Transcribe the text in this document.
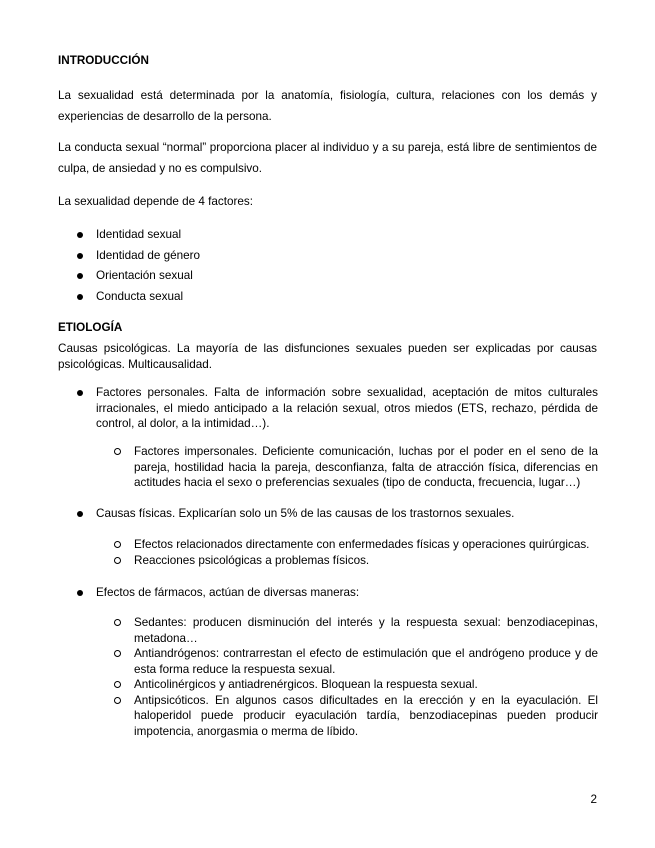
INTRODUCCIÓN
La sexualidad está determinada por la anatomía, fisiología, cultura, relaciones con los demás y experiencias de desarrollo de la persona.
La conducta sexual “normal” proporciona placer al individuo y a su pareja, está libre de sentimientos de culpa, de ansiedad y no es compulsivo.
La sexualidad depende de 4 factores:
Identidad sexual
Identidad de género
Orientación sexual
Conducta sexual
ETIOLOGÍA
Causas psicológicas. La mayoría de las disfunciones sexuales pueden ser explicadas por causas psicológicas. Multicausalidad.
Factores personales. Falta de información sobre sexualidad, aceptación de mitos culturales irracionales, el miedo anticipado a la relación sexual, otros miedos (ETS, rechazo, pérdida de control, al dolor, a la intimidad…).
Factores impersonales. Deficiente comunicación, luchas por el poder en el seno de la pareja, hostilidad hacia la pareja, desconfianza, falta de atracción física, diferencias en actitudes hacia el sexo o preferencias sexuales (tipo de conducta, frecuencia, lugar…)
Causas físicas. Explicarían solo un 5% de las causas de los trastornos sexuales.
Efectos relacionados directamente con enfermedades físicas y operaciones quirúrgicas.
Reacciones psicológicas a problemas físicos.
Efectos de fármacos, actúan de diversas maneras:
Sedantes: producen disminución del interés y la respuesta sexual: benzodiacepinas, metadona…
Antiandrógenos: contrarrestan el efecto de estimulación que el andrógeno produce y de esta forma reduce la respuesta sexual.
Anticolinérgicos y antiadrenérgicos. Bloquean la respuesta sexual.
Antipsicóticos. En algunos casos dificultades en la erección y en la eyaculación. El haloperidol puede producir eyaculación tardía, benzodiacepinas pueden producir impotencia, anorgasmia o merma de líbido.
2
